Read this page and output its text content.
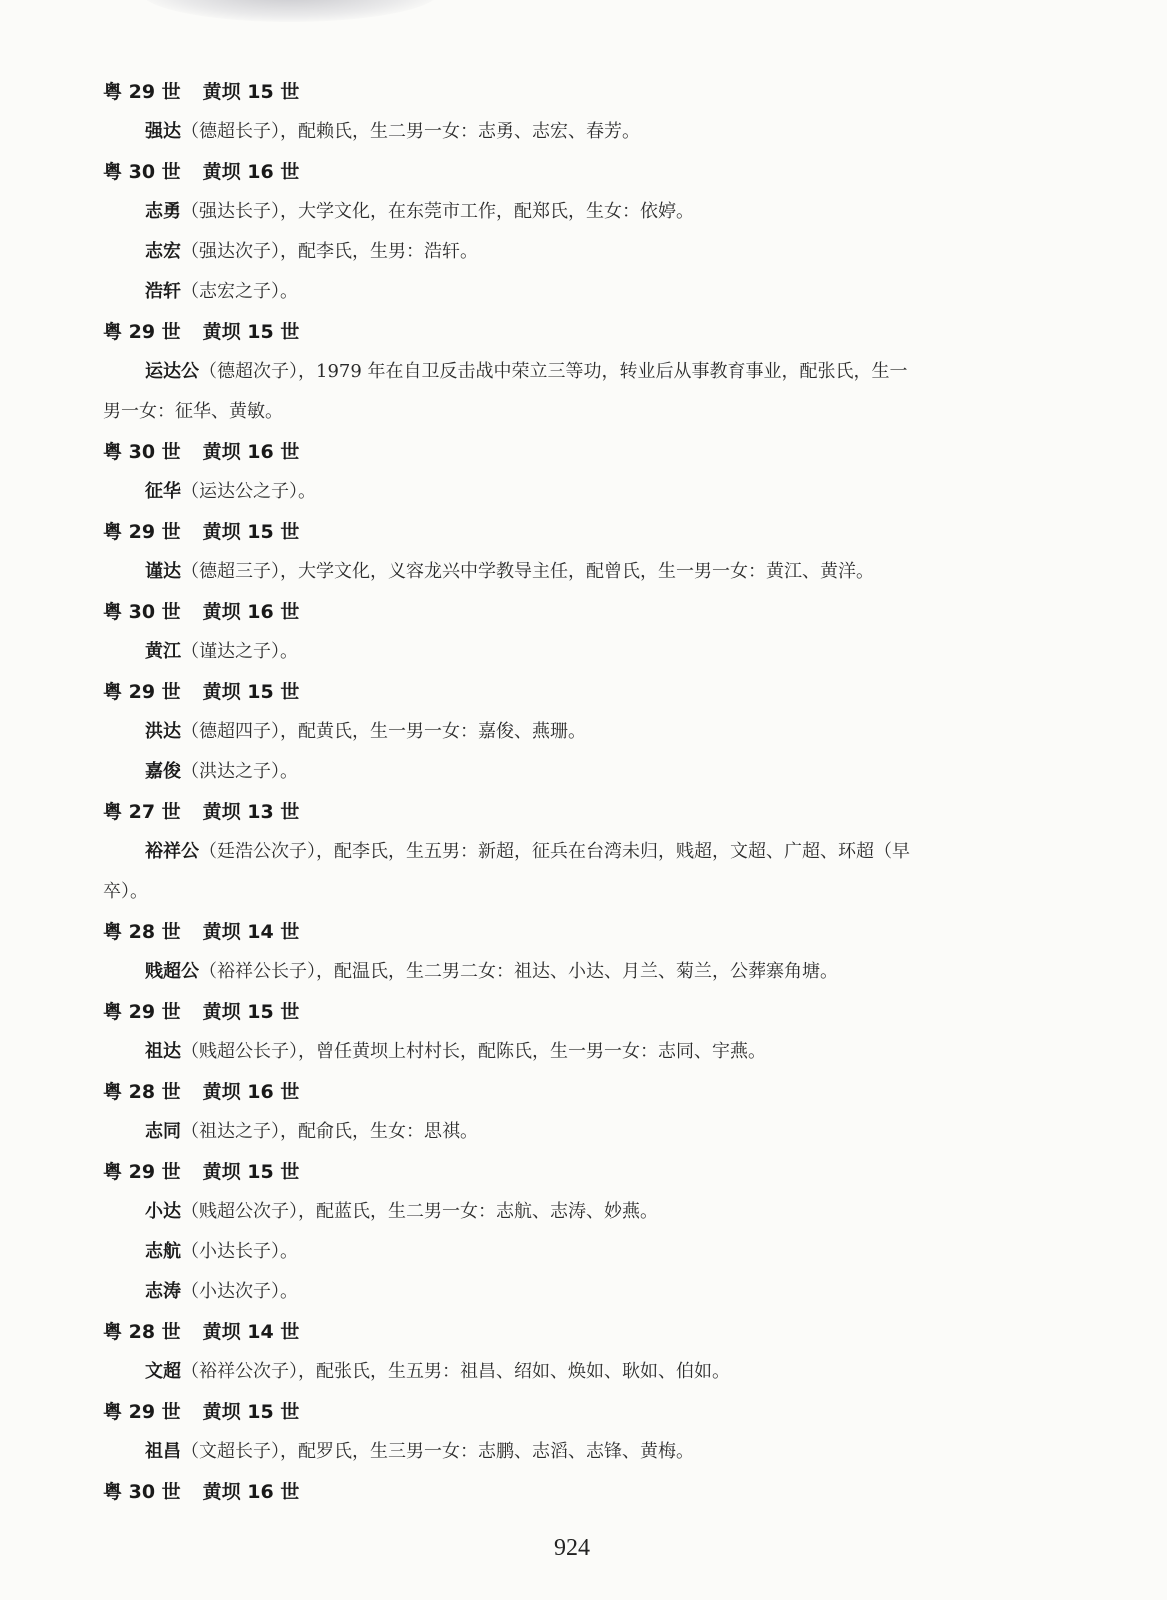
粤 29 世 黄坝 15 世

强达（德超长子），配赖氏，生二男一女：志勇、志宏、春芳。

粤 30 世 黄坝 16 世

志勇（强达长子），大学文化，在东莞市工作，配郑氏，生女：依婷。

志宏（强达次子），配李氏，生男：浩轩。

浩轩（志宏之子）。

粤 29 世 黄坝 15 世

运达公（德超次子），1979 年在自卫反击战中荣立三等功，转业后从事教育事业，配张氏，生一

男一女：征华、黄敏。

粤 30 世 黄坝 16 世

征华（运达公之子）。

粤 29 世 黄坝 15 世

谨达（德超三子），大学文化，义容龙兴中学教导主任，配曾氏，生一男一女：黄江、黄洋。

粤 30 世 黄坝 16 世

黄江（谨达之子）。

粤 29 世 黄坝 15 世

洪达（德超四子），配黄氏，生一男一女：嘉俊、燕珊。

嘉俊（洪达之子）。

粤 27 世 黄坝 13 世

裕祥公（廷浩公次子），配李氏，生五男：新超，征兵在台湾未归，贱超，文超、广超、环超（早

卒）。

粤 28 世 黄坝 14 世

贱超公（裕祥公长子），配温氏，生二男二女：祖达、小达、月兰、菊兰，公葬寨角塘。

粤 29 世 黄坝 15 世

祖达（贱超公长子），曾任黄坝上村村长，配陈氏，生一男一女：志同、宇燕。

粤 28 世 黄坝 16 世

志同（祖达之子），配俞氏，生女：思祺。

粤 29 世 黄坝 15 世

小达（贱超公次子），配蓝氏，生二男一女：志航、志涛、妙燕。

志航（小达长子）。

志涛（小达次子）。

粤 28 世 黄坝 14 世

文超（裕祥公次子），配张氏，生五男：祖昌、绍如、焕如、耿如、伯如。

粤 29 世 黄坝 15 世

祖昌（文超长子），配罗氏，生三男一女：志鹏、志滔、志锋、黄梅。

粤 30 世 黄坝 16 世
924
